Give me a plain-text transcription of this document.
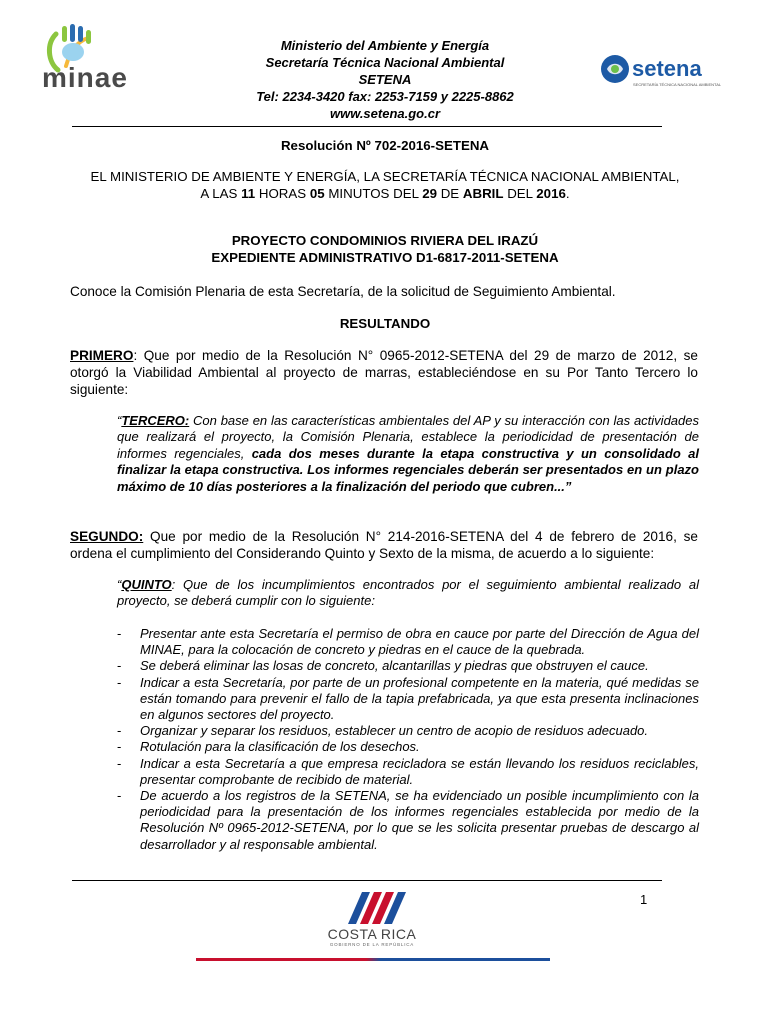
minae	setena
SECRETARÍA TÉCNICA NACIONAL AMBIENTAL
Ministerio del Ambiente y Energía
Secretaría Técnica Nacional Ambiental
SETENA
Tel: 2234-3420 fax: 2253-7159 y 2225-8862
www.setena.go.cr
Resolución Nº 702-2016-SETENA
EL MINISTERIO DE AMBIENTE Y ENERGÍA, LA SECRETARÍA TÉCNICA NACIONAL AMBIENTAL,
A LAS 11 HORAS 05 MINUTOS DEL 29 DE ABRIL DEL 2016.
PROYECTO CONDOMINIOS RIVIERA DEL IRAZÚ
EXPEDIENTE ADMINISTRATIVO D1-6817-2011-SETENA
Conoce la Comisión Plenaria de esta Secretaría, de la solicitud de Seguimiento Ambiental.
RESULTANDO
PRIMERO: Que por medio de la Resolución N° 0965-2012-SETENA del 29 de marzo de 2012, se otorgó la Viabilidad Ambiental al proyecto de marras, estableciéndose en su Por Tanto Tercero lo siguiente:
“TERCERO: Con base en las características ambientales del AP y su interacción con las actividades que realizará el proyecto, la Comisión Plenaria, establece la periodicidad de presentación de informes regenciales, cada dos meses durante la etapa constructiva y un consolidado al finalizar la etapa constructiva. Los informes regenciales deberán ser presentados en un plazo máximo de 10 días posteriores a la finalización del periodo que cubren...”
SEGUNDO: Que por medio de la Resolución N° 214-2016-SETENA del 4 de febrero de 2016, se ordena el cumplimiento del Considerando Quinto y Sexto de la misma, de acuerdo a lo siguiente:
“QUINTO: Que de los incumplimientos encontrados por el seguimiento ambiental realizado al proyecto, se deberá cumplir con lo siguiente:
- Presentar ante esta Secretaría el permiso de obra en cauce por parte del Dirección de Agua del MINAE, para la colocación de concreto y piedras en el cauce de la quebrada.
- Se deberá eliminar las losas de concreto, alcantarillas y piedras que obstruyen el cauce.
- Indicar a esta Secretaría, por parte de un profesional competente en la materia, qué medidas se están tomando para prevenir el fallo de la tapia prefabricada, ya que esta presenta inclinaciones en algunos sectores del proyecto.
- Organizar y separar los residuos, establecer un centro de acopio de residuos adecuado.
- Rotulación para la clasificación de los desechos.
- Indicar a esta Secretaría a que empresa recicladora se están llevando los residuos reciclables, presentar comprobante de recibido de material.
- De acuerdo a los registros de la SETENA, se ha evidenciado un posible incumplimiento con la periodicidad para la presentación de los informes regenciales establecida por medio de la Resolución Nº 0965-2012-SETENA, por lo que se les solicita presentar pruebas de descargo al desarrollador y al responsable ambiental.
1
COSTA RICA
GOBIERNO DE LA REPÚBLICA
